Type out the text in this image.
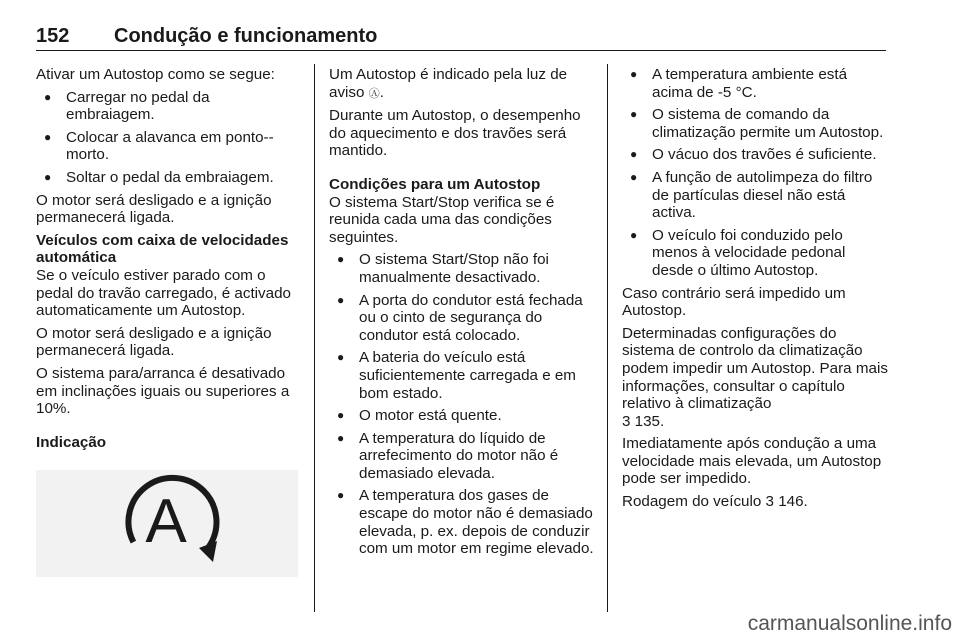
152 Condução e funcionamento

Ativar um Autostop como se segue:

● Carregar no pedal da embraiagem.

● Colocar a alavanca em ponto--morto.

● Soltar o pedal da embraiagem.

O motor será desligado e a ignição permanecerá ligada.

Veículos com caixa de velocidades automática

Se o veículo estiver parado com o pedal do travão carregado, é activado automaticamente um Autostop.

O motor será desligado e a ignição permanecerá ligada.

O sistema para/arranca é desativado em inclinações iguais ou superiores a 10%.

Indicação

A

Um Autostop é indicado pela luz de aviso Ⓐ.

Durante um Autostop, o desempenho do aquecimento e dos travões será mantido.

Condições para um Autostop

O sistema Start/Stop verifica se é reunida cada uma das condições seguintes.

● O sistema Start/Stop não foi manualmente desactivado.

● A porta do condutor está fechada ou o cinto de segurança do condutor está colocado.

● A bateria do veículo está suficientemente carregada e em bom estado.

● O motor está quente.

● A temperatura do líquido de arrefecimento do motor não é demasiado elevada.

● A temperatura dos gases de escape do motor não é demasiado elevada, p. ex. depois de conduzir com um motor em regime elevado.

● A temperatura ambiente está acima de -5 °C.

● O sistema de comando da climatização permite um Autostop.

● O vácuo dos travões é suficiente.

● A função de autolimpeza do filtro de partículas diesel não está activa.

● O veículo foi conduzido pelo menos à velocidade pedonal desde o último Autostop.

Caso contrário será impedido um Autostop.

Determinadas configurações do sistema de controlo da climatização podem impedir um Autostop. Para mais informações, consultar o capítulo relativo à climatização
3 135.

Imediatamente após condução a uma velocidade mais elevada, um Autostop pode ser impedido.

Rodagem do veículo 3 146.

carmanualsonline.info
